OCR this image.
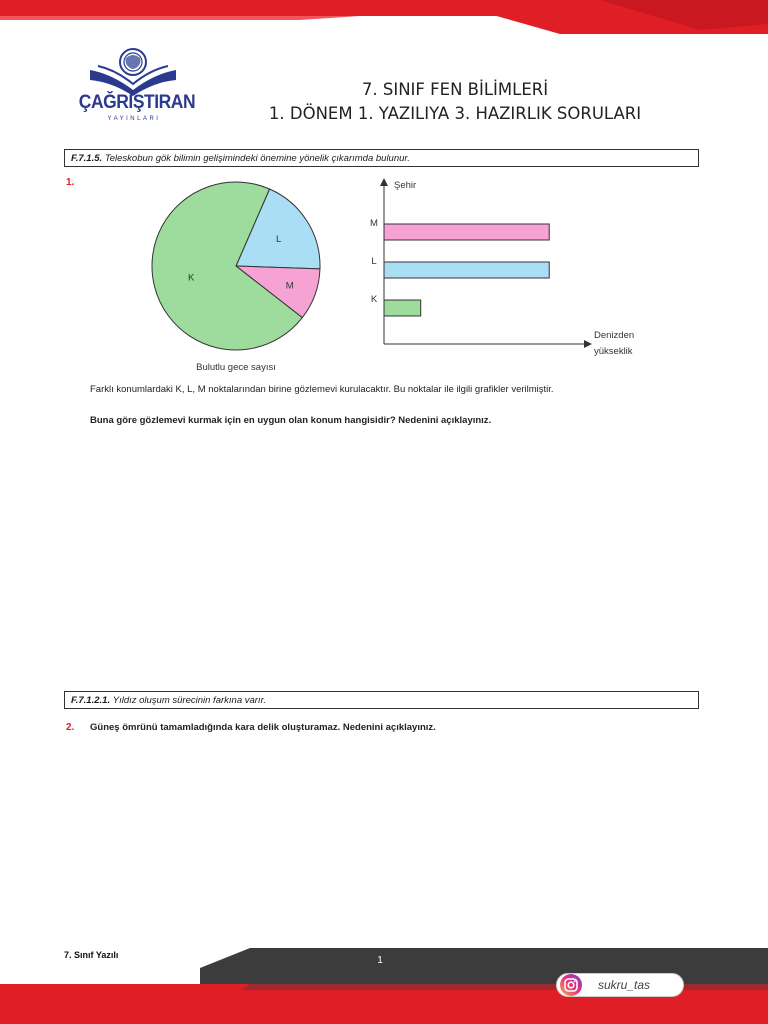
ÇAĞRIŞTIRAN
YAYINLARI
7. SINIF FEN BİLİMLERİ
1. DÖNEM 1. YAZILIYA 3. HAZIRLIK SORULARI
F.7.1.5. Teleskobun gök bilimin gelişimindeki önemine yönelik çıkarımda bulunur.
1.
L
M
K
Bulutlu gece sayısı
Şehir
M
L
K
Denizden
yükseklik
Farklı konumlardaki K, L, M noktalarından birine gözlemevi kurulacaktır. Bu noktalar ile ilgili grafikler verilmiştir.
Buna göre gözlemevi kurmak için en uygun olan konum hangisidir? Nedenini açıklayınız.
F.7.1.2.1. Yıldız oluşum sürecinin farkına varır.
2. Güneş ömrünü tamamladığında kara delik oluşturamaz. Nedenini açıklayınız.
7. Sınıf Yazılı	1
sukru_tas
